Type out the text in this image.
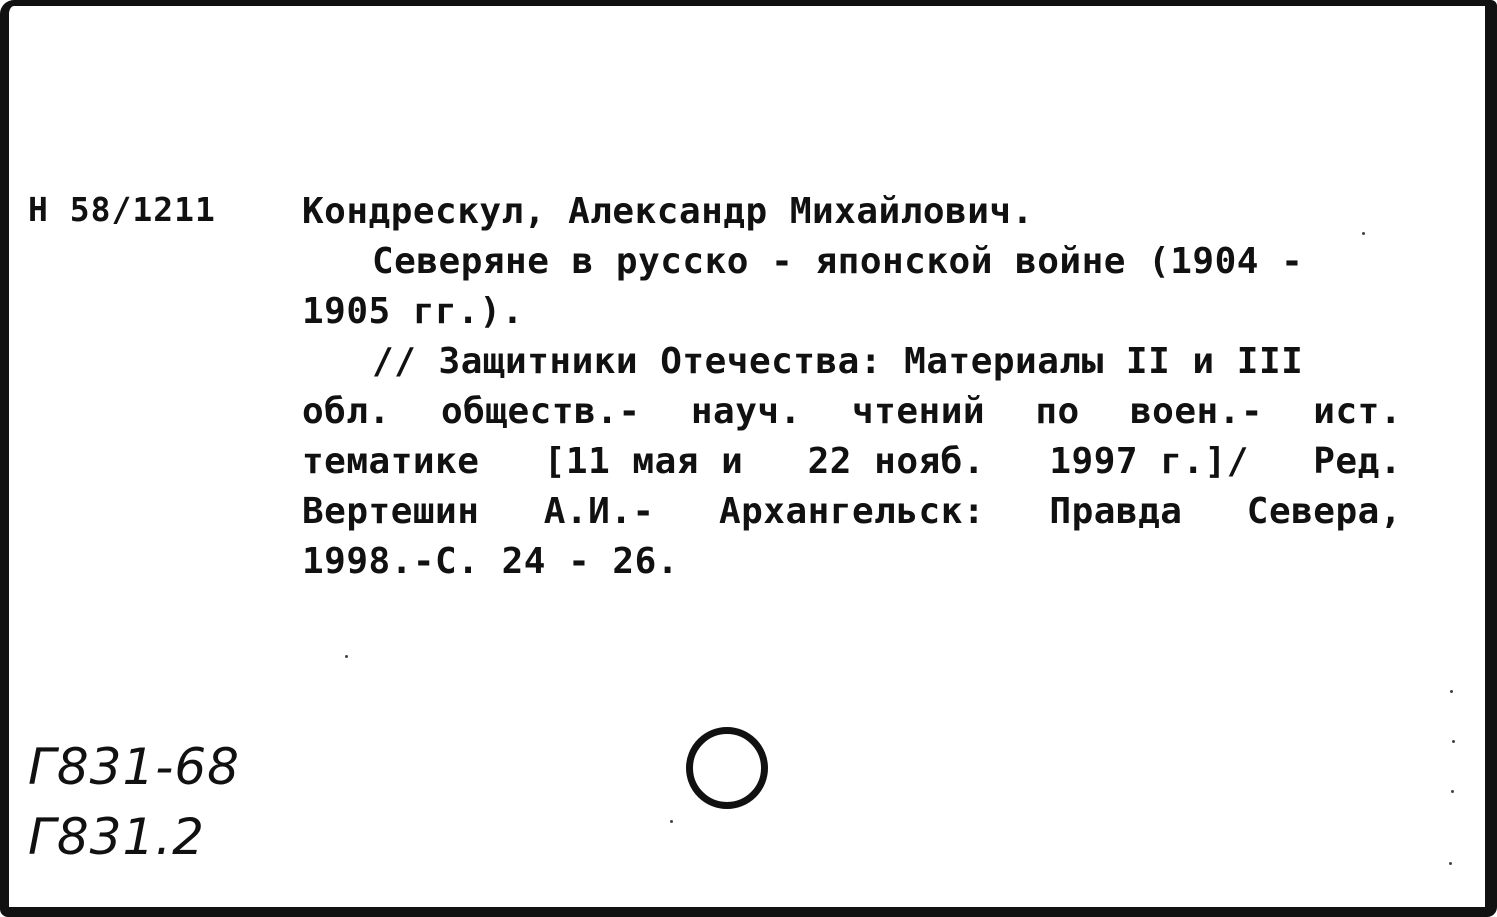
Н 58/1211 Кондрескул, Александр Михайлович.
Северяне в русско - японской войне (1904 -
1905 гг.).
// Защитники Отечества: Материалы II и III
обл. обществ.- науч. чтений по воен.- ист.
тематике [11 мая и 22 нояб. 1997 г.]/ Ред.
Вертешин А.И.- Архангельск: Правда Севера,
1998.-С. 24 - 26.
Г831-68
Г831.2
